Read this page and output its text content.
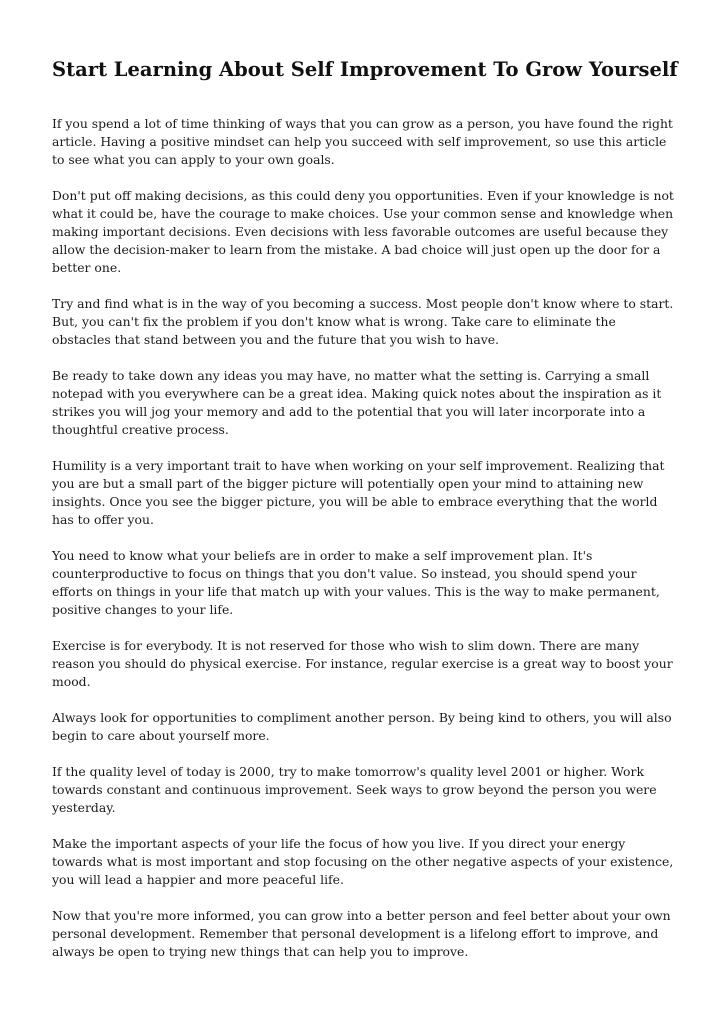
Start Learning About Self Improvement To Grow Yourself

If you spend a lot of time thinking of ways that you can grow as a person, you have found the right article. Having a positive mindset can help you succeed with self improvement, so use this article to see what you can apply to your own goals.

Don't put off making decisions, as this could deny you opportunities. Even if your knowledge is not what it could be, have the courage to make choices. Use your common sense and knowledge when making important decisions. Even decisions with less favorable outcomes are useful because they allow the decision-maker to learn from the mistake. A bad choice will just open up the door for a better one.

Try and find what is in the way of you becoming a success. Most people don't know where to start. But, you can't fix the problem if you don't know what is wrong. Take care to eliminate the obstacles that stand between you and the future that you wish to have.

Be ready to take down any ideas you may have, no matter what the setting is. Carrying a small notepad with you everywhere can be a great idea. Making quick notes about the inspiration as it strikes you will jog your memory and add to the potential that you will later incorporate into a thoughtful creative process.

Humility is a very important trait to have when working on your self improvement. Realizing that you are but a small part of the bigger picture will potentially open your mind to attaining new insights. Once you see the bigger picture, you will be able to embrace everything that the world has to offer you.

You need to know what your beliefs are in order to make a self improvement plan. It's counterproductive to focus on things that you don't value. So instead, you should spend your efforts on things in your life that match up with your values. This is the way to make permanent, positive changes to your life.

Exercise is for everybody. It is not reserved for those who wish to slim down. There are many reason you should do physical exercise. For instance, regular exercise is a great way to boost your mood.

Always look for opportunities to compliment another person. By being kind to others, you will also begin to care about yourself more.

If the quality level of today is 2000, try to make tomorrow's quality level 2001 or higher. Work towards constant and continuous improvement. Seek ways to grow beyond the person you were yesterday.

Make the important aspects of your life the focus of how you live. If you direct your energy towards what is most important and stop focusing on the other negative aspects of your existence, you will lead a happier and more peaceful life.

Now that you're more informed, you can grow into a better person and feel better about your own personal development. Remember that personal development is a lifelong effort to improve, and always be open to trying new things that can help you to improve.
